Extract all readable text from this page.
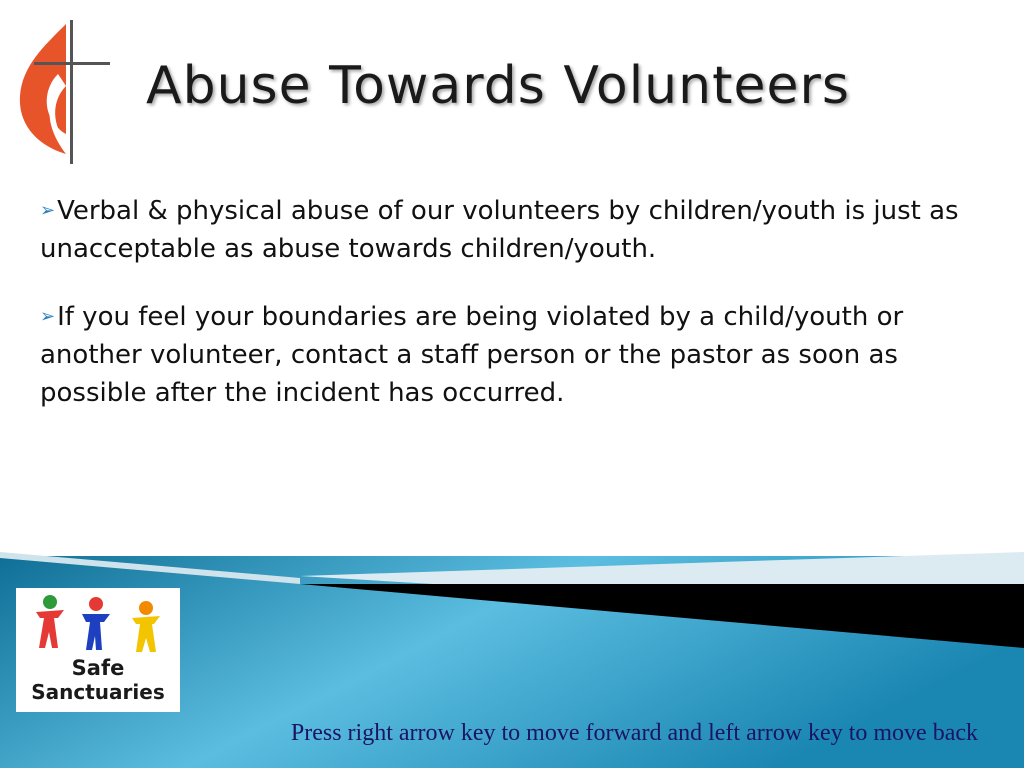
Abuse Towards Volunteers

➢Verbal & physical abuse of our volunteers by children/youth is just as unacceptable as abuse towards children/youth.

➢If you feel your boundaries are being violated by a child/youth or another volunteer, contact a staff person or the pastor as soon as possible after the incident has occurred.

Safe
Sanctuaries
Press right arrow key to move forward and left arrow key to move back
